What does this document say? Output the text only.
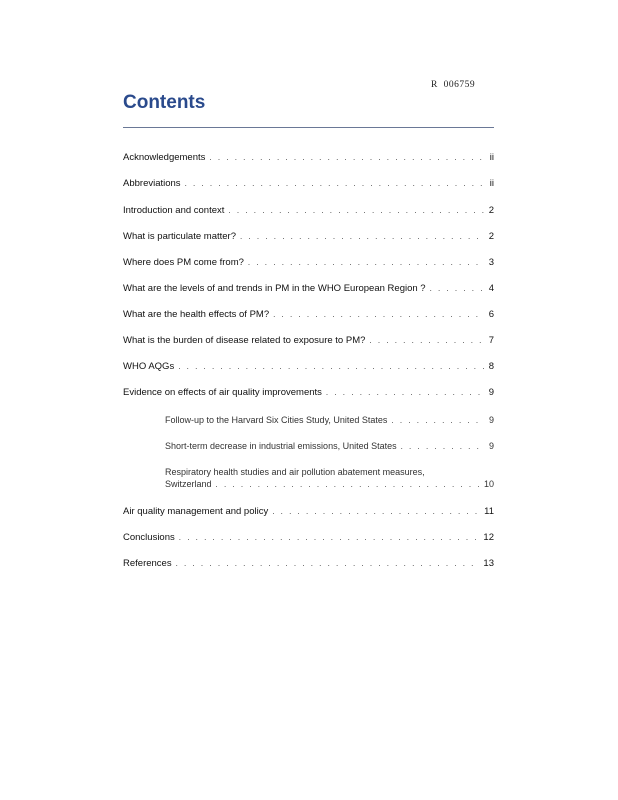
R  006759
Contents
Acknowledgements . . .	ii
Abbreviations . . .	ii
Introduction and context . . .	2
What is particulate matter? . . .	2
Where does PM come from? . . .	3
What are the levels of and trends in PM in the WHO European Region ? . . .	4
What are the health effects of PM? . . .	6
What is the burden of disease related to exposure to PM? . . .	7
WHO AQGs . . .	8
Evidence on effects of air quality improvements . . .	9
Follow-up to the Harvard Six Cities Study, United States . . .	9
Short-term decrease in industrial emissions, United States . . .	9
Respiratory health studies and air pollution abatement measures,
Switzerland . . .	10
Air quality management and policy . . .	11
Conclusions . . .	12
References . . .	13
